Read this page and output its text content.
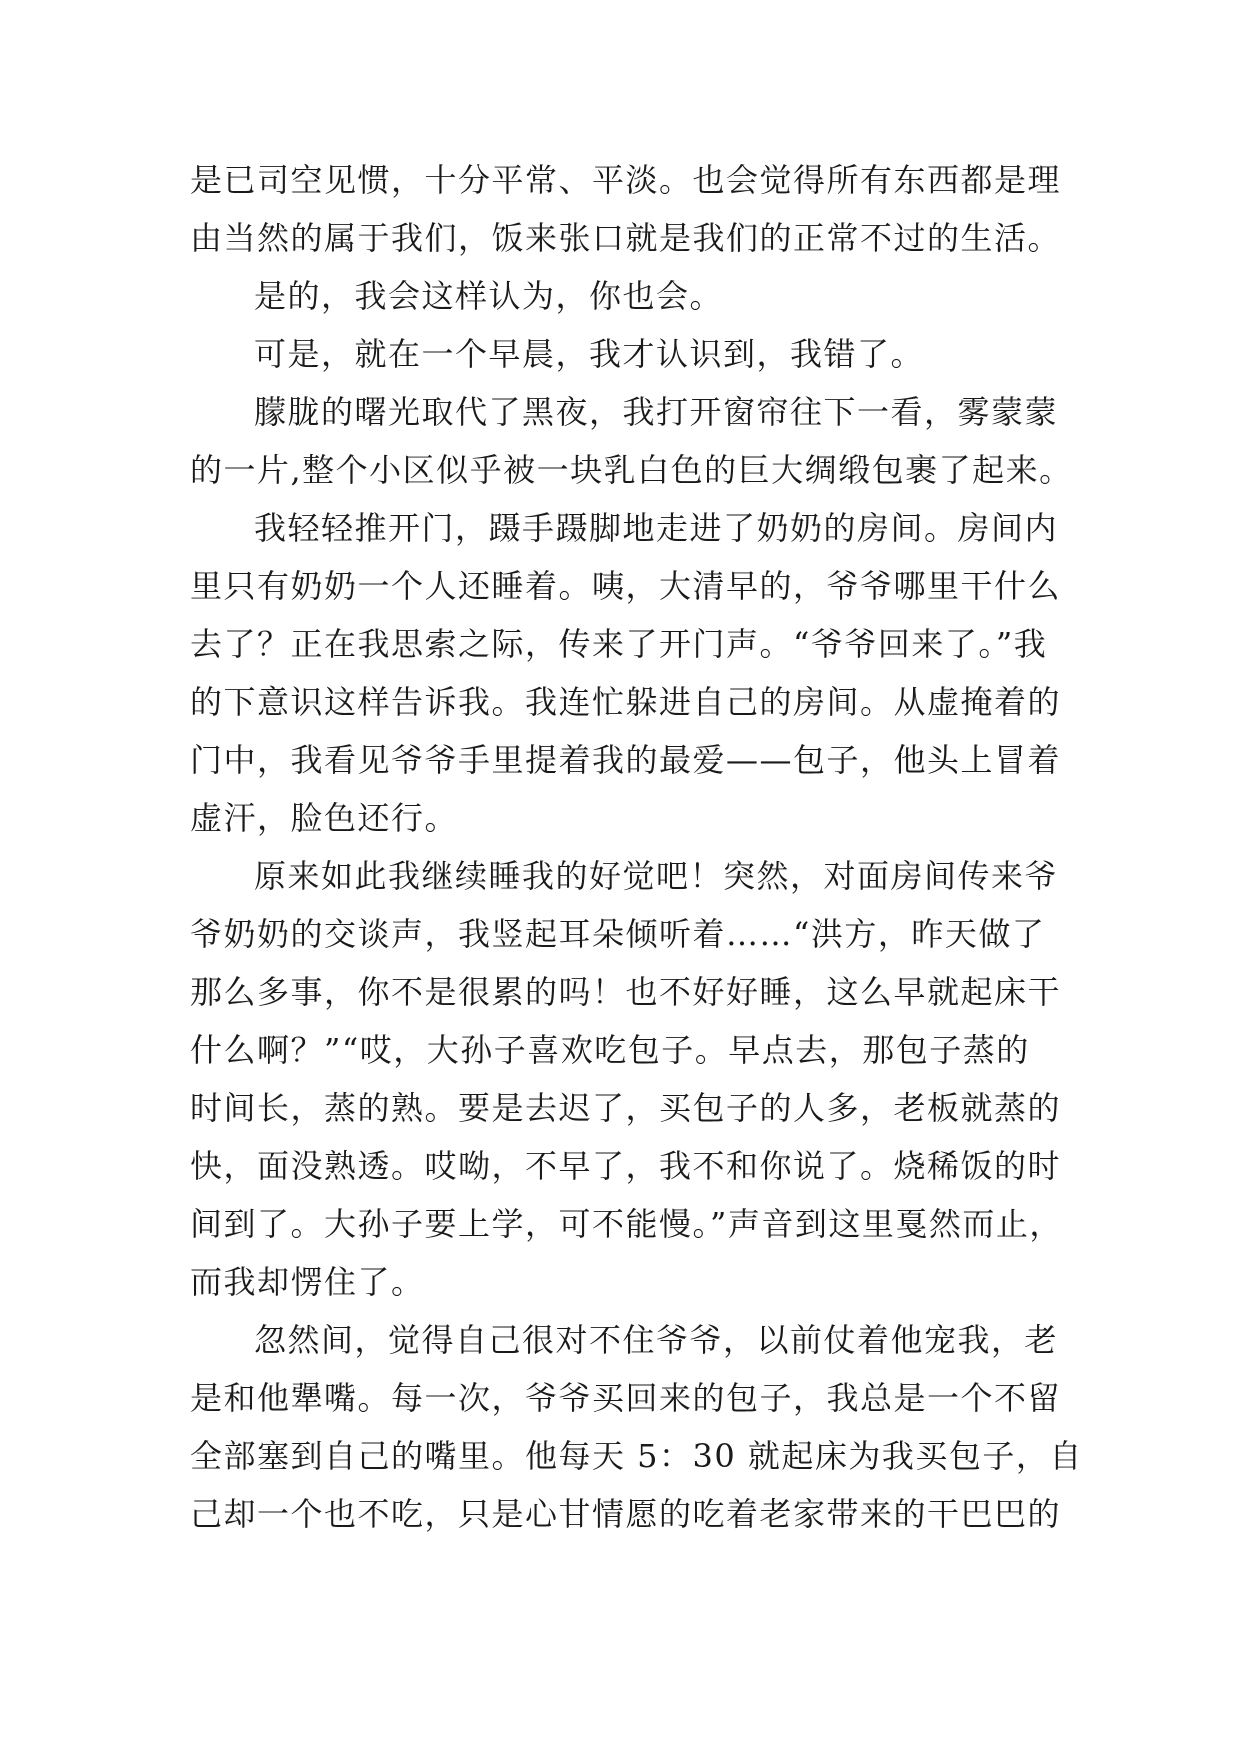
是已司空见惯，十分平常、平淡。也会觉得所有东西都是理
由当然的属于我们，饭来张口就是我们的正常不过的生活。
是的，我会这样认为，你也会。
可是，就在一个早晨，我才认识到，我错了。
朦胧的曙光取代了黑夜，我打开窗帘往下一看，雾蒙蒙
的一片,整个小区似乎被一块乳白色的巨大绸缎包裹了起来。
我轻轻推开门，蹑手蹑脚地走进了奶奶的房间。房间内
里只有奶奶一个人还睡着。咦，大清早的，爷爷哪里干什么
去了？正在我思索之际，传来了开门声。“爷爷回来了。”我
的下意识这样告诉我。我连忙躲进自己的房间。从虚掩着的
门中，我看见爷爷手里提着我的最爱——包子，他头上冒着
虚汗，脸色还行。
原来如此我继续睡我的好觉吧！突然，对面房间传来爷
爷奶奶的交谈声，我竖起耳朵倾听着……“洪方，昨天做了
那么多事，你不是很累的吗！也不好好睡，这么早就起床干
什么啊？”“哎，大孙子喜欢吃包子。早点去，那包子蒸的
时间长，蒸的熟。要是去迟了，买包子的人多，老板就蒸的
快，面没熟透。哎呦，不早了，我不和你说了。烧稀饭的时
间到了。大孙子要上学，可不能慢。”声音到这里戛然而止，
而我却愣住了。
忽然间，觉得自己很对不住爷爷，以前仗着他宠我，老
是和他犟嘴。每一次，爷爷买回来的包子，我总是一个不留
全部塞到自己的嘴里。他每天 5：30 就起床为我买包子，自
己却一个也不吃，只是心甘情愿的吃着老家带来的干巴巴的
